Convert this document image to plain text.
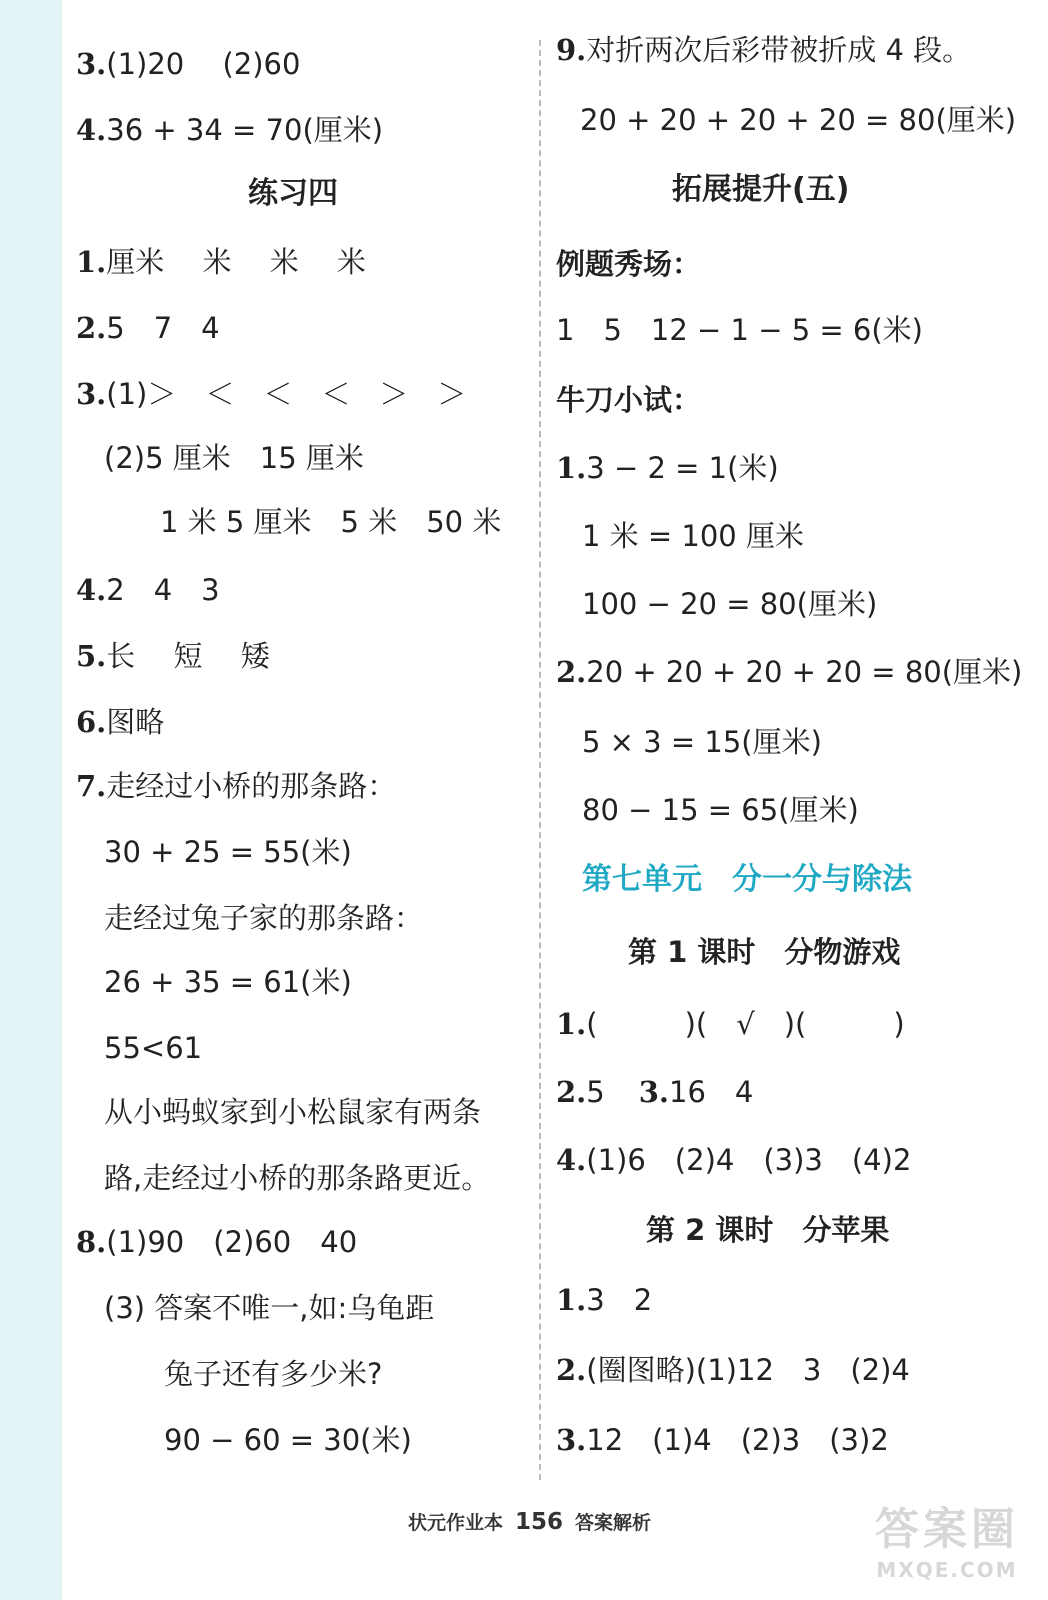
3.(1)20　 (2)60
4.36 + 34 = 70(厘米)
练习四
1.厘米　 米　 米　 米
2.5　7　4
3.(1)＞　＜　＜　＜　＞　＞
(2)5 厘米　15 厘米
1 米 5 厘米　5 米　50 米
4.2　4　3
5.长　 短　 矮
6.图略
7.走经过小桥的那条路：
30 + 25 = 55(米)
走经过兔子家的那条路：
26 + 35 = 61(米)
55<61
从小蚂蚁家到小松鼠家有两条
路,走经过小桥的那条路更近。
8.(1)90　(2)60　40
(3) 答案不唯一,如:乌龟距
兔子还有多少米?
90 − 60 = 30(米)
9.对折两次后彩带被折成 4 段。
20 + 20 + 20 + 20 = 80(厘米)
拓展提升(五)
例题秀场：
1　5　12 − 1 − 5 = 6(米)
牛刀小试：
1.3 − 2 = 1(米)
1 米 = 100 厘米
100 − 20 = 80(厘米)
2.20 + 20 + 20 + 20 = 80(厘米)
5 × 3 = 15(厘米)
80 − 15 = 65(厘米)
第七单元　分一分与除法
第 1 课时　分物游戏
1.(　　　)(　√　)(　　　)
2.5 3.16　4
4.(1)6　(2)4　(3)3　(4)2
第 2 课时　分苹果
1.3　2
2.(圈图略)(1)12　3　(2)4
3.12　(1)4　(2)3　(3)2
状元作业本 156 答案解析	答案圈
MXQE.COM
